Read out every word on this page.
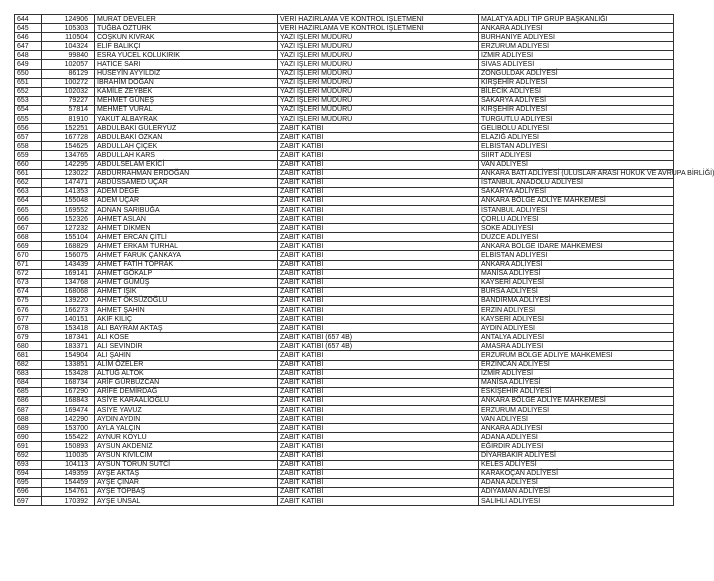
644	124906	MURAT DEVELER	VERİ HAZIRLAMA VE KONTROL İŞLETMENİ	MALATYA ADLİ TIP GRUP BAŞKANLIĞI
645	105303	TUĞBA ÖZTÜRK	VERİ HAZIRLAMA VE KONTROL İŞLETMENİ	ANKARA ADLİYESİ
646	110504	COŞKUN KIVRAK	YAZI İŞLERİ MÜDÜRÜ	BURHANİYE ADLİYESİ
647	104324	ELİF BALIKÇI	YAZI İŞLERİ MÜDÜRÜ	ERZURUM ADLİYESİ
648	99840	ESRA YÜCEL KOLUKIRIK	YAZI İŞLERİ MÜDÜRÜ	İZMİR ADLİYESİ
649	102057	HATİCE SARI	YAZI İŞLERİ MÜDÜRÜ	SİVAS ADLİYESİ
650	86129	HÜSEYİN AYYILDIZ	YAZI İŞLERİ MÜDÜRÜ	ZONGULDAK ADLİYESİ
651	100272	İBRAHİM DOĞAN	YAZI İŞLERİ MÜDÜRÜ	KIRŞEHİR ADLİYESİ
652	102032	KAMİLE ZEYBEK	YAZI İŞLERİ MÜDÜRÜ	BİLECİK ADLİYESİ
653	79227	MEHMET GÜNEŞ	YAZI İŞLERİ MÜDÜRÜ	SAKARYA ADLİYESİ
654	57814	MEHMET VURAL	YAZI İŞLERİ MÜDÜRÜ	KIRŞEHİR ADLİYESİ
655	81910	YAKUT ALBAYRAK	YAZI İŞLERİ MÜDÜRÜ	TURGUTLU ADLİYESİ
656	152251	ABDULBAKİ GÜLERYÜZ	ZABIT KATİBİ	GELİBOLU ADLİYESİ
657	167728	ABDULBAKİ ÖZKAN	ZABIT KATİBİ	ELAZIĞ ADLİYESİ
658	154625	ABDULLAH ÇİÇEK	ZABIT KATİBİ	ELBİSTAN ADLİYESİ
659	134765	ABDULLAH KARS	ZABIT KATİBİ	SİİRT ADLİYESİ
660	142295	ABDULSELAM EKİCİ	ZABIT KATİBİ	VAN ADLİYESİ
661	123022	ABDURRAHMAN ERDOĞAN	ZABIT KATİBİ	ANKARA BATI ADLİYESİ (ULUSLAR ARASI HUKUK VE AVRUPA BİRLİĞİ)
662	147471	ABDÜSSAMED UÇAR	ZABIT KATİBİ	İSTANBUL ANADOLU ADLİYESİ
663	141353	ADEM DEGE	ZABIT KATİBİ	SAKARYA ADLİYESİ
664	155048	ADEM UÇAR	ZABIT KATİBİ	ANKARA BÖLGE ADLİYE MAHKEMESİ
665	169552	ADNAN SARIBUĞA	ZABIT KATİBİ	İSTANBUL ADLİYESİ
666	152326	AHMET ASLAN	ZABIT KATİBİ	ÇORLU ADLİYESİ
667	127232	AHMET DİKMEN	ZABIT KATİBİ	SÖKE ADLİYESİ
668	155104	AHMET ERCAN ÇİTLİ	ZABIT KATİBİ	DÜZCE ADLİYESİ
669	168829	AHMET ERKAM TURHAL	ZABIT KATİBİ	ANKARA BÖLGE İDARE MAHKEMESİ
670	156075	AHMET FARUK ÇANKAYA	ZABIT KATİBİ	ELBİSTAN ADLİYESİ
671	143439	AHMET FATİH TOPRAK	ZABIT KATİBİ	ANKARA ADLİYESİ
672	169141	AHMET GÖKALP	ZABIT KATİBİ	MANİSA ADLİYESİ
673	134768	AHMET GÜMÜŞ	ZABIT KATİBİ	KAYSERİ ADLİYESİ
674	168068	AHMET IŞIK	ZABIT KATİBİ	BURSA ADLİYESİ
675	139220	AHMET ÖKSÜZOĞLU	ZABIT KATİBİ	BANDIRMA ADLİYESİ
676	166273	AHMET ŞAHİN	ZABIT KATİBİ	ERZİN ADLİYESİ
677	140151	AKİF KILIÇ	ZABIT KATİBİ	KAYSERİ ADLİYESİ
678	153418	ALİ BAYRAM AKTAŞ	ZABIT KATİBİ	AYDIN ADLİYESİ
679	187341	ALİ KÖSE	ZABIT KATİBİ (657 4B)	ANTALYA ADLİYESİ
680	183371	ALİ SEVİNDİR	ZABIT KATİBİ (657 4B)	AMASRA ADLİYESİ
681	154904	ALİ ŞAHİN	ZABIT KATİBİ	ERZURUM BÖLGE ADLİYE MAHKEMESİ
682	133851	ALİM ÖZELER	ZABIT KATİBİ	ERZİNCAN ADLİYESİ
683	153428	ALTUĞ ALTOK	ZABIT KATİBİ	İZMİR ADLİYESİ
684	168734	ARİF GÜRBÜZCAN	ZABIT KATİBİ	MANİSA ADLİYESİ
685	167290	ARİFE DEMİRDAĞ	ZABIT KATİBİ	ESKİŞEHİR ADLİYESİ
686	168843	ASİYE KARAALİOĞLU	ZABIT KATİBİ	ANKARA BÖLGE ADLİYE MAHKEMESİ
687	169474	ASİYE YAVUZ	ZABIT KATİBİ	ERZURUM ADLİYESİ
688	142290	AYDIN AYDIN	ZABIT KATİBİ	VAN ADLİYESİ
689	153700	AYLA YALÇIN	ZABIT KATİBİ	ANKARA ADLİYESİ
690	155422	AYNUR KÖYLÜ	ZABIT KATİBİ	ADANA ADLİYESİ
691	150893	AYSUN AKDENİZ	ZABIT KATİBİ	EĞİRDİR ADLİYESİ
692	110035	AYSUN KIVILCIM	ZABIT KATİBİ	DİYARBAKIR ADLİYESİ
693	104113	AYSUN TORUN SUTCİ	ZABIT KATİBİ	KELES ADLİYESİ
694	149359	AYŞE AKTAŞ	ZABIT KATİBİ	KARAKOÇAN ADLİYESİ
695	154459	AYŞE ÇINAR	ZABIT KATİBİ	ADANA ADLİYESİ
696	154761	AYŞE TOPBAŞ	ZABIT KATİBİ	ADIYAMAN ADLİYESİ
697	170392	AYŞE ÜNSAL	ZABIT KATİBİ	SALİHLİ ADLİYESİ
